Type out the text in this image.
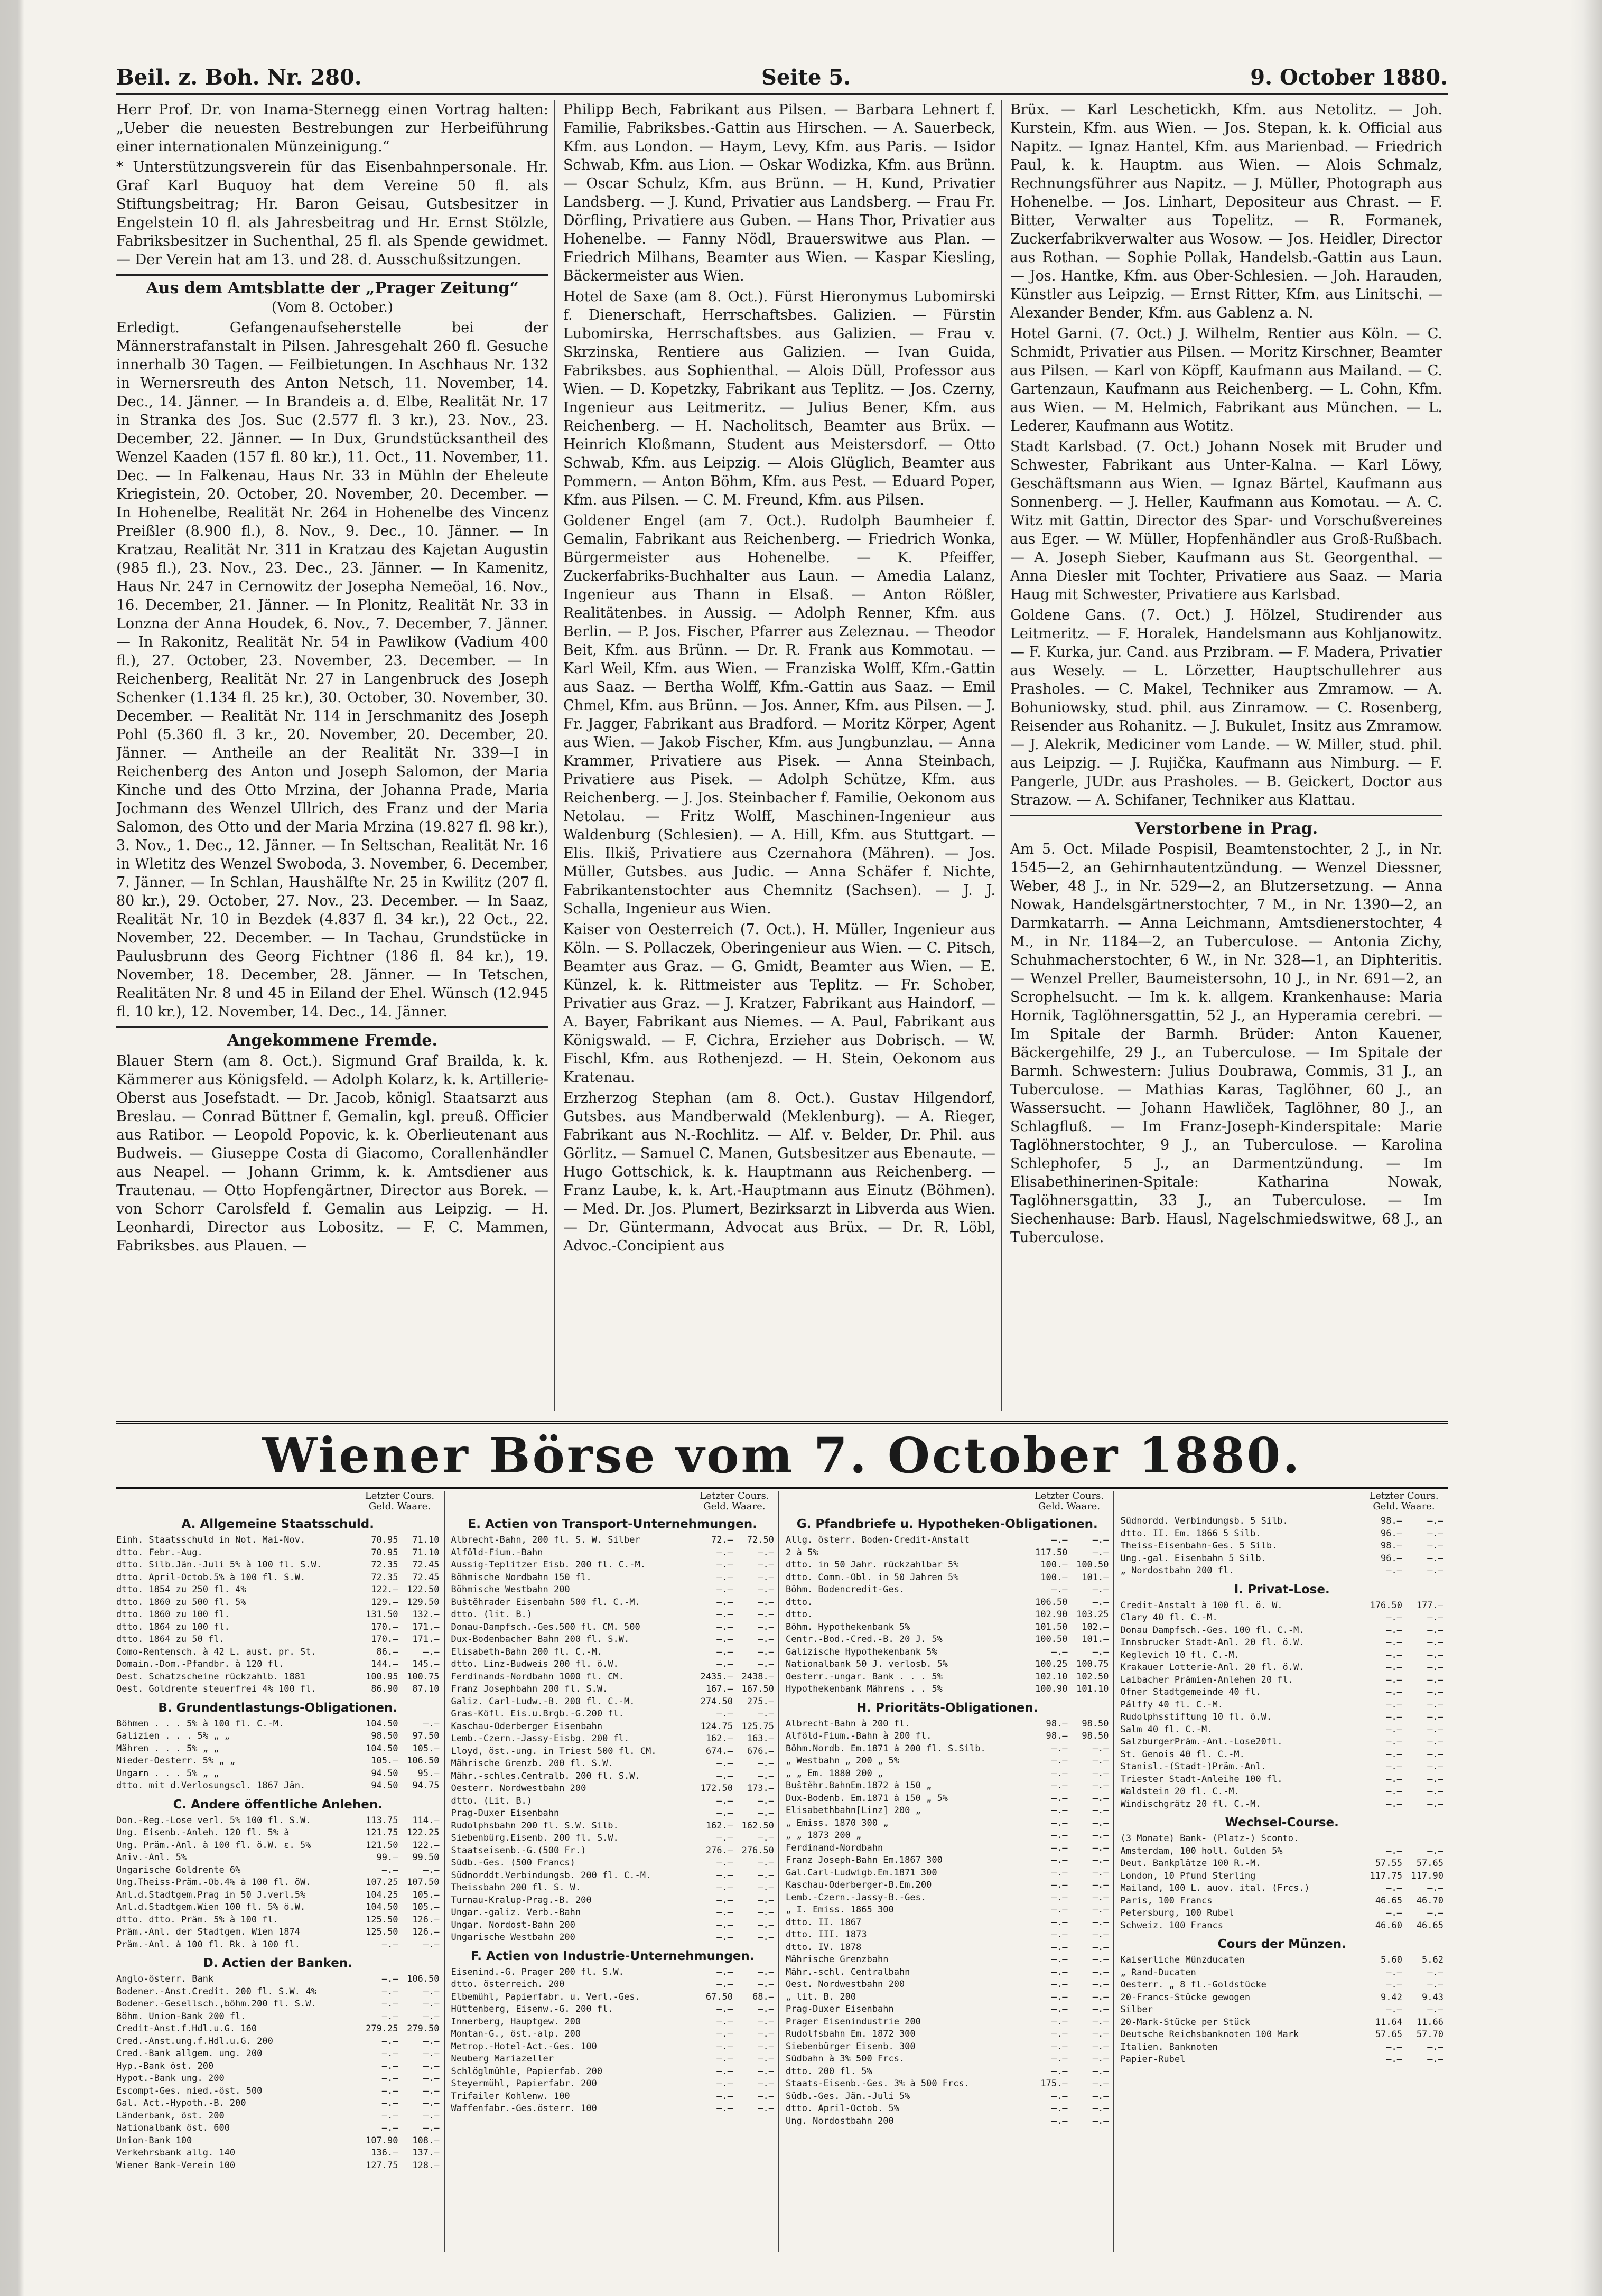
Beil. z. Boh. Nr. 280.	Seite 5.	9. October 1880.

Herr Prof. Dr. von Inama-Sternegg einen Vortrag halten: „Ueber die neuesten Bestrebungen zur Herbeiführung einer internationalen Münzeinigung.“

* Unterstützungsverein für das Eisenbahnpersonale. Hr. Graf Karl Buquoy hat dem Vereine 50 fl. als Stiftungsbeitrag; Hr. Baron Geisau, Gutsbesitzer in Engelstein 10 fl. als Jahresbeitrag und Hr. Ernst Stölzle, Fabriksbesitzer in Suchenthal, 25 fl. als Spende gewidmet. — Der Verein hat am 13. und 28. d. Ausschußsitzungen.

Aus dem Amtsblatte der „Prager Zeitung“
(Vom 8. October.)

Erledigt. Gefangenaufseherstelle bei der Männerstrafanstalt in Pilsen. Jahresgehalt 260 fl. Gesuche innerhalb 30 Tagen. — Feilbietungen. In Aschhaus Nr. 132 in Wernersreuth des Anton Netsch, 11. November, 14. Dec., 14. Jänner. — In Brandeis a. d. Elbe, Realität Nr. 17 in Stranka des Jos. Suc (2.577 fl. 3 kr.), 23. Nov., 23. December, 22. Jänner. — In Dux, Grundstücksantheil des Wenzel Kaaden (157 fl. 80 kr.), 11. Oct., 11. November, 11. Dec. — In Falkenau, Haus Nr. 33 in Mühln der Eheleute Kriegistein, 20. October, 20. November, 20. December. — In Hohenelbe, Realität Nr. 264 in Hohenelbe des Vincenz Preißler (8.900 fl.), 8. Nov., 9. Dec., 10. Jänner. — In Kratzau, Realität Nr. 311 in Kratzau des Kajetan Augustin (985 fl.), 23. Nov., 23. Dec., 23. Jänner. — In Kamenitz, Haus Nr. 247 in Cernowitz der Josepha Nemeöal, 16. Nov., 16. December, 21. Jänner. — In Plonitz, Realität Nr. 33 in Lonzna der Anna Houdek, 6. Nov., 7. December, 7. Jänner. — In Rakonitz, Realität Nr. 54 in Pawlikow (Vadium 400 fl.), 27. October, 23. November, 23. December. — In Reichenberg, Realität Nr. 27 in Langenbruck des Joseph Schenker (1.134 fl. 25 kr.), 30. October, 30. November, 30. December. — Realität Nr. 114 in Jerschmanitz des Joseph Pohl (5.360 fl. 3 kr., 20. November, 20. December, 20. Jänner. — Antheile an der Realität Nr. 339—I in Reichenberg des Anton und Joseph Salomon, der Maria Kinche und des Otto Mrzina, der Johanna Prade, Maria Jochmann des Wenzel Ullrich, des Franz und der Maria Salomon, des Otto und der Maria Mrzina (19.827 fl. 98 kr.), 3. Nov., 1. Dec., 12. Jänner. — In Seltschan, Realität Nr. 16 in Wletitz des Wenzel Swoboda, 3. November, 6. December, 7. Jänner. — In Schlan, Haushälfte Nr. 25 in Kwilitz (207 fl. 80 kr.), 29. October, 27. Nov., 23. December. — In Saaz, Realität Nr. 10 in Bezdek (4.837 fl. 34 kr.), 22 Oct., 22. November, 22. December. — In Tachau, Grundstücke in Paulusbrunn des Georg Fichtner (186 fl. 84 kr.), 19. November, 18. December, 28. Jänner. — In Tetschen, Realitäten Nr. 8 und 45 in Eiland der Ehel. Wünsch (12.945 fl. 10 kr.), 12. November, 14. Dec., 14. Jänner.

Angekommene Fremde.

Blauer Stern (am 8. Oct.). Sigmund Graf Brailda, k. k. Kämmerer aus Königsfeld. — Adolph Kolarz, k. k. Artillerie-Oberst aus Josefstadt. — Dr. Jacob, königl. Staatsarzt aus Breslau. — Conrad Büttner f. Gemalin, kgl. preuß. Officier aus Ratibor. — Leopold Popovic, k. k. Oberlieutenant aus Budweis. — Giuseppe Costa di Giacomo, Corallenhändler aus Neapel. — Johann Grimm, k. k. Amtsdiener aus Trautenau. — Otto Hopfengärtner, Director aus Borek. — von Schorr Carolsfeld f. Gemalin aus Leipzig. — H. Leonhardi, Director aus Lobositz. — F. C. Mammen, Fabriksbes. aus Plauen. —

Philipp Bech, Fabrikant aus Pilsen. — Barbara Lehnert f. Familie, Fabriksbes.-Gattin aus Hirschen. — A. Sauerbeck, Kfm. aus London. — Haym, Levy, Kfm. aus Paris. — Isidor Schwab, Kfm. aus Lion. — Oskar Wodizka, Kfm. aus Brünn. — Oscar Schulz, Kfm. aus Brünn. — H. Kund, Privatier Landsberg. — J. Kund, Privatier aus Landsberg. — Frau Fr. Dörfling, Privatiere aus Guben. — Hans Thor, Privatier aus Hohenelbe. — Fanny Nödl, Brauerswitwe aus Plan. — Friedrich Milhans, Beamter aus Wien. — Kaspar Kiesling, Bäckermeister aus Wien.

Hotel de Saxe (am 8. Oct.). Fürst Hieronymus Lubomirski f. Dienerschaft, Herrschaftsbes. Galizien. — Fürstin Lubomirska, Herrschaftsbes. aus Galizien. — Frau v. Skrzinska, Rentiere aus Galizien. — Ivan Guida, Fabriksbes. aus Sophienthal. — Alois Düll, Professor aus Wien. — D. Kopetzky, Fabrikant aus Teplitz. — Jos. Czerny, Ingenieur aus Leitmeritz. — Julius Bener, Kfm. aus Reichenberg. — H. Nacholitsch, Beamter aus Brüx. — Heinrich Kloßmann, Student aus Meistersdorf. — Otto Schwab, Kfm. aus Leipzig. — Alois Glüglich, Beamter aus Pommern. — Anton Böhm, Kfm. aus Pest. — Eduard Poper, Kfm. aus Pilsen. — C. M. Freund, Kfm. aus Pilsen.

Goldener Engel (am 7. Oct.). Rudolph Baumheier f. Gemalin, Fabrikant aus Reichenberg. — Friedrich Wonka, Bürgermeister aus Hohenelbe. — K. Pfeiffer, Zuckerfabriks-Buchhalter aus Laun. — Amedia Lalanz, Ingenieur aus Thann in Elsaß. — Anton Rößler, Realitätenbes. in Aussig. — Adolph Renner, Kfm. aus Berlin. — P. Jos. Fischer, Pfarrer aus Zeleznau. — Theodor Beit, Kfm. aus Brünn. — Dr. R. Frank aus Kommotau. — Karl Weil, Kfm. aus Wien. — Franziska Wolff, Kfm.-Gattin aus Saaz. — Bertha Wolff, Kfm.-Gattin aus Saaz. — Emil Chmel, Kfm. aus Brünn. — Jos. Anner, Kfm. aus Pilsen. — J. Fr. Jagger, Fabrikant aus Bradford. — Moritz Körper, Agent aus Wien. — Jakob Fischer, Kfm. aus Jungbunzlau. — Anna Krammer, Privatiere aus Pisek. — Anna Steinbach, Privatiere aus Pisek. — Adolph Schütze, Kfm. aus Reichenberg. — J. Jos. Steinbacher f. Familie, Oekonom aus Netolau. — Fritz Wolff, Maschinen-Ingenieur aus Waldenburg (Schlesien). — A. Hill, Kfm. aus Stuttgart. — Elis. Ilkiš, Privatiere aus Czernahora (Mähren). — Jos. Müller, Gutsbes. aus Judic. — Anna Schäfer f. Nichte, Fabrikantenstochter aus Chemnitz (Sachsen). — J. J. Schalla, Ingenieur aus Wien.

Kaiser von Oesterreich (7. Oct.). H. Müller, Ingenieur aus Köln. — S. Pollaczek, Oberingenieur aus Wien. — C. Pitsch, Beamter aus Graz. — G. Gmidt, Beamter aus Wien. — E. Künzel, k. k. Rittmeister aus Teplitz. — Fr. Schober, Privatier aus Graz. — J. Kratzer, Fabrikant aus Haindorf. — A. Bayer, Fabrikant aus Niemes. — A. Paul, Fabrikant aus Königswald. — F. Cichra, Erzieher aus Dobrisch. — W. Fischl, Kfm. aus Rothenjezd. — H. Stein, Oekonom aus Kratenau.

Erzherzog Stephan (am 8. Oct.). Gustav Hilgendorf, Gutsbes. aus Mandberwald (Meklenburg). — A. Rieger, Fabrikant aus N.-Rochlitz. — Alf. v. Belder, Dr. Phil. aus Görlitz. — Samuel C. Manen, Gutsbesitzer aus Ebenaute. — Hugo Gottschick, k. k. Hauptmann aus Reichenberg. — Franz Laube, k. k. Art.-Hauptmann aus Einutz (Böhmen). — Med. Dr. Jos. Plumert, Bezirksarzt in Libverda aus Wien. — Dr. Güntermann, Advocat aus Brüx. — Dr. R. Löbl, Advoc.-Concipient aus

Brüx. — Karl Leschetickh, Kfm. aus Netolitz. — Joh. Kurstein, Kfm. aus Wien. — Jos. Stepan, k. k. Official aus Napitz. — Ignaz Hantel, Kfm. aus Marienbad. — Friedrich Paul, k. k. Hauptm. aus Wien. — Alois Schmalz, Rechnungsführer aus Napitz. — J. Müller, Photograph aus Hohenelbe. — Jos. Linhart, Depositeur aus Chrast. — F. Bitter, Verwalter aus Topelitz. — R. Formanek, Zuckerfabrikverwalter aus Wosow. — Jos. Heidler, Director aus Rothan. — Sophie Pollak, Handelsb.-Gattin aus Laun. — Jos. Hantke, Kfm. aus Ober-Schlesien. — Joh. Harauden, Künstler aus Leipzig. — Ernst Ritter, Kfm. aus Linitschi. — Alexander Bender, Kfm. aus Gablenz a. N.

Hotel Garni. (7. Oct.) J. Wilhelm, Rentier aus Köln. — C. Schmidt, Privatier aus Pilsen. — Moritz Kirschner, Beamter aus Pilsen. — Karl von Köpff, Kaufmann aus Mailand. — C. Gartenzaun, Kaufmann aus Reichenberg. — L. Cohn, Kfm. aus Wien. — M. Helmich, Fabrikant aus München. — L. Lederer, Kaufmann aus Wotitz.

Stadt Karlsbad. (7. Oct.) Johann Nosek mit Bruder und Schwester, Fabrikant aus Unter-Kalna. — Karl Löwy, Geschäftsmann aus Wien. — Ignaz Bärtel, Kaufmann aus Sonnenberg. — J. Heller, Kaufmann aus Komotau. — A. C. Witz mit Gattin, Director des Spar- und Vorschußvereines aus Eger. — W. Müller, Hopfenhändler aus Groß-Rußbach. — A. Joseph Sieber, Kaufmann aus St. Georgenthal. — Anna Diesler mit Tochter, Privatiere aus Saaz. — Maria Haug mit Schwester, Privatiere aus Karlsbad.

Goldene Gans. (7. Oct.) J. Hölzel, Studirender aus Leitmeritz. — F. Horalek, Handelsmann aus Kohljanowitz. — F. Kurka, jur. Cand. aus Przibram. — F. Madera, Privatier aus Wesely. — L. Lörzetter, Hauptschullehrer aus Prasholes. — C. Makel, Techniker aus Zmramow. — A. Bohuniowsky, stud. phil. aus Zinramow. — C. Rosenberg, Reisender aus Rohanitz. — J. Bukulet, Insitz aus Zmramow. — J. Alekrik, Mediciner vom Lande. — W. Miller, stud. phil. aus Leipzig. — J. Rujička, Kaufmann aus Nimburg. — F. Pangerle, JUDr. aus Prasholes. — B. Geickert, Doctor aus Strazow. — A. Schifaner, Techniker aus Klattau.

Verstorbene in Prag.

Am 5. Oct. Milade Pospisil, Beamtenstochter, 2 J., in Nr. 1545—2, an Gehirnhautentzündung. — Wenzel Diessner, Weber, 48 J., in Nr. 529—2, an Blutzersetzung. — Anna Nowak, Handelsgärtnerstochter, 7 M., in Nr. 1390—2, an Darmkatarrh. — Anna Leichmann, Amtsdienerstochter, 4 M., in Nr. 1184—2, an Tuberculose. — Antonia Zichy, Schuhmacherstochter, 6 W., in Nr. 328—1, an Diphteritis. — Wenzel Preller, Baumeistersohn, 10 J., in Nr. 691—2, an Scrophelsucht. — Im k. k. allgem. Krankenhause: Maria Hornik, Taglöhnersgattin, 52 J., an Hyperamia cerebri. — Im Spitale der Barmh. Brüder: Anton Kauener, Bäckergehilfe, 29 J., an Tuberculose. — Im Spitale der Barmh. Schwestern: Julius Doubrawa, Commis, 31 J., an Tuberculose. — Mathias Karas, Taglöhner, 60 J., an Wassersucht. — Johann Hawliček, Taglöhner, 80 J., an Schlagfluß. — Im Franz-Joseph-Kinderspitale: Marie Taglöhnerstochter, 9 J., an Tuberculose. — Karolina Schlephofer, 5 J., an Darmentzündung. — Im Elisabethinerinen-Spitale: Katharina Nowak, Taglöhnersgattin, 33 J., an Tuberculose. — Im Siechenhause: Barb. Hausl, Nagelschmiedswitwe, 68 J., an Tuberculose.

Wiener Börse vom 7. October 1880.
Letzter Cours. Geld. Waare.
A. Allgemeine Staatsschuld.
Einh. Staatsschuld in Not. Mai-Nov.	70.95	71.10
dtto. Febr.-Aug.	70.95	71.10
dtto. Silb.Jän.-Juli 5% à 100 fl. S.W.	72.35	72.45
dtto. April-Octob.5% à 100 fl. S.W.	72.35	72.45
dtto. 1854 zu 250 fl. 4%	122.— 122.50
dtto. 1860 zu 500 fl. 5%	129.— 129.50
dtto. 1860 zu 100 fl.	131.50	132.—
dtto. 1864 zu 100 fl.	170.—	171.—
dtto. 1864 zu 50 fl.	170.—	171.—
Como-Rentensch. à 42 L. aust. pr. St.	86.—	—.—
Domain.-Dom.-Pfandbr. à 120 fl.	144.—	145.—
Oest. Schatzscheine rückzahlb. 1881	100.95 100.75
Oest. Goldrente steuerfrei 4% 100 fl.	86.90	87.10
B. Grundentlastungs-Obligationen.
Böhmen . . . 5% à 100 fl. C.-M.	104.50	—.—
Galizien . . . 5% „ „	98.50	97.50
Mähren . . . 5% „ „	104.50	105.—
Nieder-Oesterr. 5% „ „	105.— 106.50
Ungarn . . . 5% „ „	94.50	95.—
dtto. mit d.Verlosungscl. 1867 Jän.	94.50	94.75
C. Andere öffentliche Anlehen.
Don.-Reg.-Lose verl. 5% 100 fl. S.W.	113.75	114.—
Ung. Eisenb.-Anleh. 120 fl. 5% à	121.75 122.25
Ung. Präm.-Anl. à 100 fl. ö.W. ε. 5%	121.50	122.—
Aniv.-Anl. 5%	99.—	99.50
Ungarische Goldrente 6%	—.—	—.—
Ung.Theiss-Präm.-Ob.4% à 100 fl. öW.	107.25 107.50
Anl.d.Stadtgem.Prag in 50 J.verl.5%	104.25	105.—
Anl.d.Stadtgem.Wien 100 fl. 5% ö.W.	104.50	105.—
dtto. dtto. Präm. 5% à 100 fl.	125.50	126.—
Präm.-Anl. der Stadtgem. Wien 1874	125.50	126.—
Präm.-Anl. à 100 fl. Rk. à 100 fl.	—.—	—.—
D. Actien der Banken.
Anglo-österr. Bank	—.— 106.50
Bodener.-Anst.Credit. 200 fl. S.W. 4%	—.—	—.—
Bodener.-Gesellsch.,böhm.200 fl. S.W.	—.—	—.—
Böhm. Union-Bank 200 fl.	—.—	—.—
Credit-Anst.f.Hdl.u.G. 160	279.25 279.50
Cred.-Anst.ung.f.Hdl.u.G. 200	—.—	—.—
Cred.-Bank allgem. ung. 200	—.—	—.—
Hyp.-Bank öst. 200	—.—	—.—
Hypot.-Bank ung. 200	—.—	—.—
Escompt-Ges. nied.-öst. 500	—.—	—.—
Gal. Act.-Hypoth.-B. 200	—.—	—.—
Länderbank, öst. 200	—.—	—.—
Nationalbank öst. 600	—.—	—.—
Union-Bank 100	107.90	108.—
Verkehrsbank allg. 140	136.—	137.—
Wiener Bank-Verein 100	127.75	128.—
Letzter Cours. Geld. Waare.
E. Actien von Transport-Unternehmungen.
Albrecht-Bahn, 200 fl. S. W. Silber	72.—	72.50
Alföld-Fium.-Bahn	—.—	—.—
Aussig-Teplitzer Eisb. 200 fl. C.-M.	—.—	—.—
Böhmische Nordbahn 150 fl.	—.—	—.—
Böhmische Westbahn 200	—.—	—.—
Buštěhrader Eisenbahn 500 fl. C.-M.	—.—	—.—
dtto. (lit. B.)	—.—	—.—
Donau-Dampfsch.-Ges.500 fl. CM. 500	—.—	—.—
Dux-Bodenbacher Bahn 200 fl. S.W.	—.—	—.—
Elisabeth-Bahn 200 fl. C.-M.	—.—	—.—
dtto. Linz-Budweis 200 fl. ö.W.	—.—	—.—
Ferdinands-Nordbahn 1000 fl. CM.	2435.— 2438.—
Franz Josephbahn 200 fl. S.W.	167.— 167.50
Galiz. Carl-Ludw.-B. 200 fl. C.-M.	274.50	275.—
Gras-Köfl. Eis.u.Brgb.-G.200 fl.	—.—	—.—
Kaschau-Oderberger Eisenbahn	124.75 125.75
Lemb.-Czern.-Jassy-Eisbg. 200 fl.	162.—	163.—
Lloyd, öst.-ung. in Triest 500 fl. CM.	674.—	676.—
Mährische Grenzb. 200 fl. S.W.	—.—	—.—
Mähr.-schles.Centralb. 200 fl. S.W.	—.—	—.—
Oesterr. Nordwestbahn 200	172.50	173.—
dtto. (Lit. B.)	—.—	—.—
Prag-Duxer Eisenbahn	—.—	—.—
Rudolphsbahn 200 fl. S.W. Silb.	162.— 162.50
Siebenbürg.Eisenb. 200 fl. S.W.	—.—	—.—
Staatseisenb.-G.(500 Fr.)	276.— 276.50
Südb.-Ges. (500 Francs)	—.—	—.—
Südnorddt.Verbindungsb. 200 fl. C.-M.	—.—	—.—
Theissbahn 200 fl. S. W.	—.—	—.—
Turnau-Kralup-Prag.-B. 200	—.—	—.—
Ungar.-galiz. Verb.-Bahn	—.—	—.—
Ungar. Nordost-Bahn 200	—.—	—.—
Ungarische Westbahn 200	—.—	—.—
F. Actien von Industrie-Unternehmungen.
Eisenind.-G. Prager 200 fl. S.W.	—.—	—.—
dtto. österreich. 200	—.—	—.—
Elbemühl, Papierfabr. u. Verl.-Ges.	67.50	68.—
Hüttenberg, Eisenw.-G. 200 fl.	—.—	—.—
Innerberg, Hauptgew. 200	—.—	—.—
Montan-G., öst.-alp. 200	—.—	—.—
Metrop.-Hotel-Act.-Ges. 100	—.—	—.—
Neuberg Mariazeller	—.—	—.—
Schlöglmühle, Papierfab. 200	—.—	—.—
Steyermühl, Papierfabr. 200	—.—	—.—
Trifailer Kohlenw. 100	—.—	—.—
Waffenfabr.-Ges.österr. 100	—.—	—.—
Letzter Cours. Geld. Waare.
G. Pfandbriefe u. Hypotheken-Obligationen.
Allg. österr. Boden-Credit-Anstalt	—.—	—.—
2 à 5%	117.50	—.—
dtto. in 50 Jahr. rückzahlbar 5%	100.— 100.50
dtto. Comm.-Obl. in 50 Jahren 5%	100.—	101.—
Böhm. Bodencredit-Ges.	—.—	—.—
dtto.	106.50	—.—
dtto.	102.90 103.25
Böhm. Hypothekenbank 5%	101.50	102.—
Centr.-Bod.-Cred.-B. 20 J. 5%	100.50	101.—
Galizische Hypothekenbank 5%	—.—	—.—
Nationalbank 50 J. verlosb. 5%	100.25 100.75
Oesterr.-ungar. Bank . . . 5%	102.10 102.50
Hypothekenbank Mährens . . 5%	100.90 101.10
H. Prioritäts-Obligationen.
Albrecht-Bahn à 200 fl.	98.—	98.50
Alföld-Fium.-Bahn à 200 fl.	98.—	98.50
Böhm.Nordb. Em.1871 à 200 fl. S.Silb.	—.—	—.—
„ Westbahn „ 200 „ 5%	—.—	—.—
„ „ Em. 1880 200 „	—.—	—.—
Buštěhr.BahnEm.1872 à 150 „	—.—	—.—
Dux-Bodenb. Em.1871 à 150 „ 5%	—.—	—.—
Elisabethbahn[Linz] 200 „	—.—	—.—
„ Emiss. 1870 300 „	—.—	—.—
„ „ 1873 200 „	—.—	—.—
Ferdinand-Nordbahn	—.—	—.—
Franz Joseph-Bahn Em.1867 300	—.—	—.—
Gal.Carl-Ludwigb.Em.1871 300	—.—	—.—
Kaschau-Oderberger-B.Em.200	—.—	—.—
Lemb.-Czern.-Jassy-B.-Ges.	—.—	—.—
„ I. Emiss. 1865 300	—.—	—.—
dtto. II. 1867	—.—	—.—
dtto. III. 1873	—.—	—.—
dtto. IV. 1878	—.—	—.—
Mährische Grenzbahn	—.—	—.—
Mähr.-schl. Centralbahn	—.—	—.—
Oest. Nordwestbahn 200	—.—	—.—
„ lit. B. 200	—.—	—.—
Prag-Duxer Eisenbahn	—.—	—.—
Prager Eisenindustrie 200	—.—	—.—
Rudolfsbahn Em. 1872 300	—.—	—.—
Siebenbürger Eisenb. 300	—.—	—.—
Südbahn à 3% 500 Frcs.	—.—	—.—
dtto. 200 fl. 5%	—.—	—.—
Staats-Eisenb.-Ges. 3% à 500 Frcs.	175.—	—.—
Südb.-Ges. Jän.-Juli 5%	—.—	—.—
dtto. April-Octob. 5%	—.—	—.—
Ung. Nordostbahn 200	—.—	—.—
Letzter Cours. Geld. Waare.
Südnordd. Verbindungsb. 5 Silb.	98.—	—.—
dtto. II. Em. 1866 5 Silb.	96.—	—.—
Theiss-Eisenbahn-Ges. 5 Silb.	98.—	—.—
Ung.-gal. Eisenbahn 5 Silb.	96.—	—.—
„ Nordostbahn 200 fl.	—.—	—.—
I. Privat-Lose.
Credit-Anstalt à 100 fl. ö. W.	176.50	177.—
Clary 40 fl. C.-M.	—.—	—.—
Donau Dampfsch.-Ges. 100 fl. C.-M.	—.—	—.—
Innsbrucker Stadt-Anl. 20 fl. ö.W.	—.—	—.—
Keglevich 10 fl. C.-M.	—.—	—.—
Krakauer Lotterie-Anl. 20 fl. ö.W.	—.—	—.—
Laibacher Prämien-Anlehen 20 fl.	—.—	—.—
Ofner Stadtgemeinde 40 fl.	—.—	—.—
Pálffy 40 fl. C.-M.	—.—	—.—
Rudolphsstiftung 10 fl. ö.W.	—.—	—.—
Salm 40 fl. C.-M.	—.—	—.—
SalzburgerPräm.-Anl.-Lose20fl.	—.—	—.—
St. Genois 40 fl. C.-M.	—.—	—.—
Stanisl.-(Stadt-)Präm.-Anl.	—.—	—.—
Triester Stadt-Anleihe 100 fl.	—.—	—.—
Waldstein 20 fl. C.-M.	—.—	—.—
Windischgrätz 20 fl. C.-M.	—.—	—.—
Wechsel-Course.
(3 Monate) Bank- (Platz-) Sconto.
Amsterdam, 100 holl. Gulden 5%	—.—	—.—
Deut. Bankplätze 100 R.-M.	57.55	57.65
London, 10 Pfund Sterling	117.75 117.90
Mailand, 100 L. auov. ital. (Frcs.)	—.—	—.—
Paris, 100 Francs	46.65	46.70
Petersburg, 100 Rubel	—.—	—.—
Schweiz. 100 Francs	46.60	46.65
Cours der Münzen.
Kaiserliche Münzducaten	5.60	5.62
„ Rand-Ducaten	—.—	—.—
Oesterr. „ 8 fl.-Goldstücke	—.—	—.—
20-Francs-Stücke gewogen	9.42	9.43
Silber	—.—	—.—
20-Mark-Stücke per Stück	11.64	11.66
Deutsche Reichsbanknoten 100 Mark	57.65	57.70
Italien. Banknoten	—.—	—.—
Papier-Rubel	—.—	—.—
